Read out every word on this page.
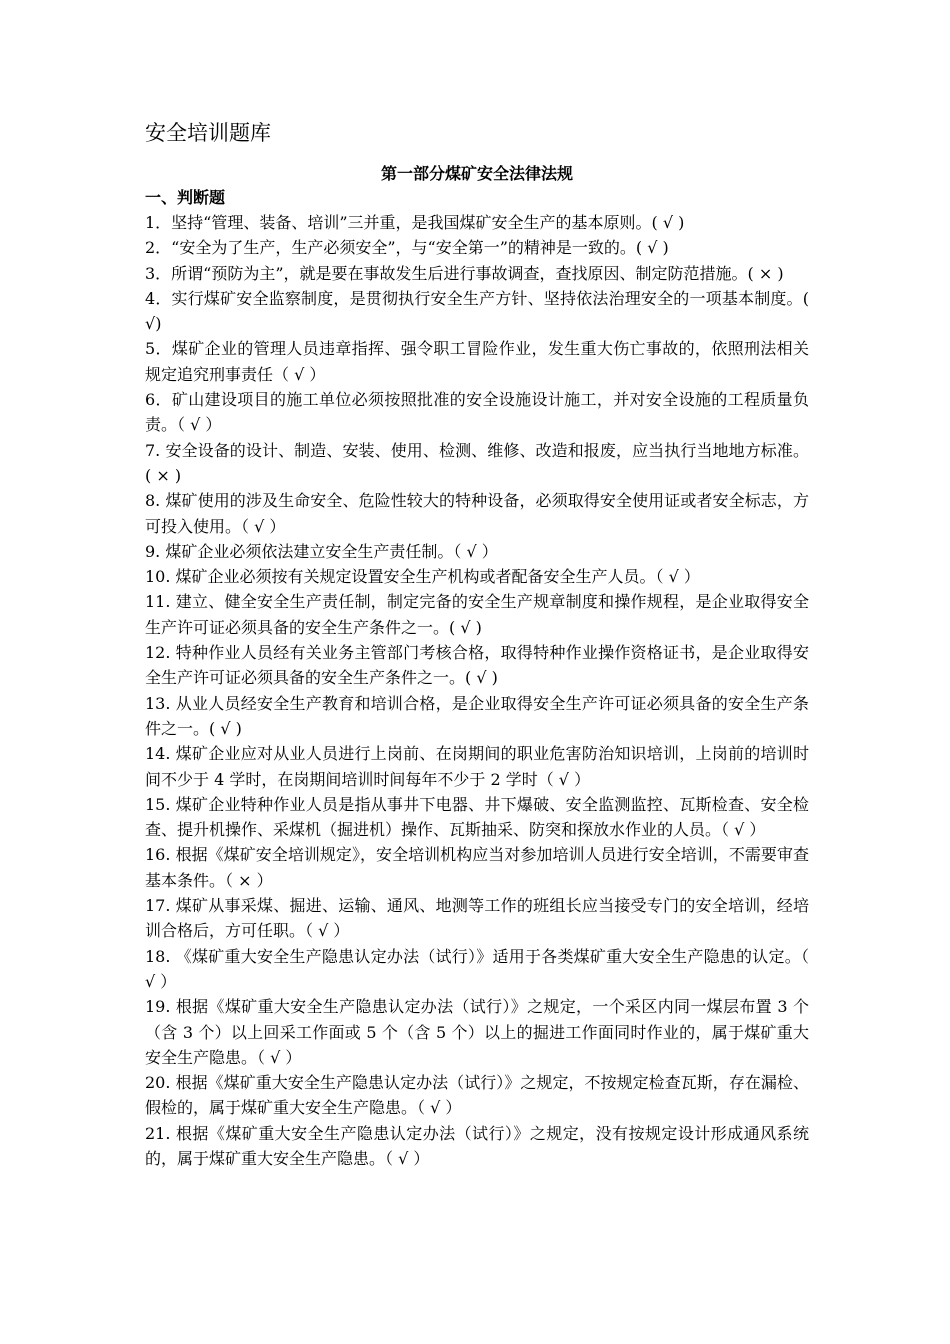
安全培训题库
第一部分煤矿安全法律法规
一、判断题
1．坚持“管理、装备、培训”三并重，是我国煤矿安全生产的基本原则。( √ )
2．“安全为了生产，生产必须安全”，与“安全第一”的精神是一致的。( √ )
3．所谓“预防为主”，就是要在事故发生后进行事故调查，查找原因、制定防范措施。( × )
4．实行煤矿安全监察制度，是贯彻执行安全生产方针、坚持依法治理安全的一项基本制度。( √)
5．煤矿企业的管理人员违章指挥、强令职工冒险作业，发生重大伤亡事故的，依照刑法相关规定追究刑事责任（ √ ）
6．矿山建设项目的施工单位必须按照批准的安全设施设计施工，并对安全设施的工程质量负责。（ √ ）
7. 安全设备的设计、制造、安装、使用、检测、维修、改造和报废，应当执行当地地方标准。( × )
8. 煤矿使用的涉及生命安全、危险性较大的特种设备，必须取得安全使用证或者安全标志，方可投入使用。（ √ ）
9. 煤矿企业必须依法建立安全生产责任制。（ √ ）
10. 煤矿企业必须按有关规定设置安全生产机构或者配备安全生产人员。（ √ ）
11. 建立、健全安全生产责任制，制定完备的安全生产规章制度和操作规程，是企业取得安全生产许可证必须具备的安全生产条件之一。( √ )
12. 特种作业人员经有关业务主管部门考核合格，取得特种作业操作资格证书，是企业取得安全生产许可证必须具备的安全生产条件之一。( √ )
13. 从业人员经安全生产教育和培训合格，是企业取得安全生产许可证必须具备的安全生产条件之一。( √ )
14. 煤矿企业应对从业人员进行上岗前、在岗期间的职业危害防治知识培训，上岗前的培训时间不少于 4 学时，在岗期间培训时间每年不少于 2 学时（ √ ）
15. 煤矿企业特种作业人员是指从事井下电器、井下爆破、安全监测监控、瓦斯检查、安全检查、提升机操作、采煤机（掘进机）操作、瓦斯抽采、防突和探放水作业的人员。（ √ ）
16. 根据《煤矿安全培训规定》，安全培训机构应当对参加培训人员进行安全培训，不需要审查基本条件。（ × ）
17. 煤矿从事采煤、掘进、运输、通风、地测等工作的班组长应当接受专门的安全培训，经培训合格后，方可任职。（ √ ）
18. 《煤矿重大安全生产隐患认定办法（试行）》适用于各类煤矿重大安全生产隐患的认定。（ √ ）
19. 根据《煤矿重大安全生产隐患认定办法（试行）》之规定，一个采区内同一煤层布置 3 个（含 3 个）以上回采工作面或 5 个（含 5 个）以上的掘进工作面同时作业的，属于煤矿重大安全生产隐患。（ √ ）
20. 根据《煤矿重大安全生产隐患认定办法（试行）》之规定，不按规定检查瓦斯，存在漏检、假检的，属于煤矿重大安全生产隐患。（ √ ）
21. 根据《煤矿重大安全生产隐患认定办法（试行）》之规定，没有按规定设计形成通风系统的，属于煤矿重大安全生产隐患。（ √ ）
